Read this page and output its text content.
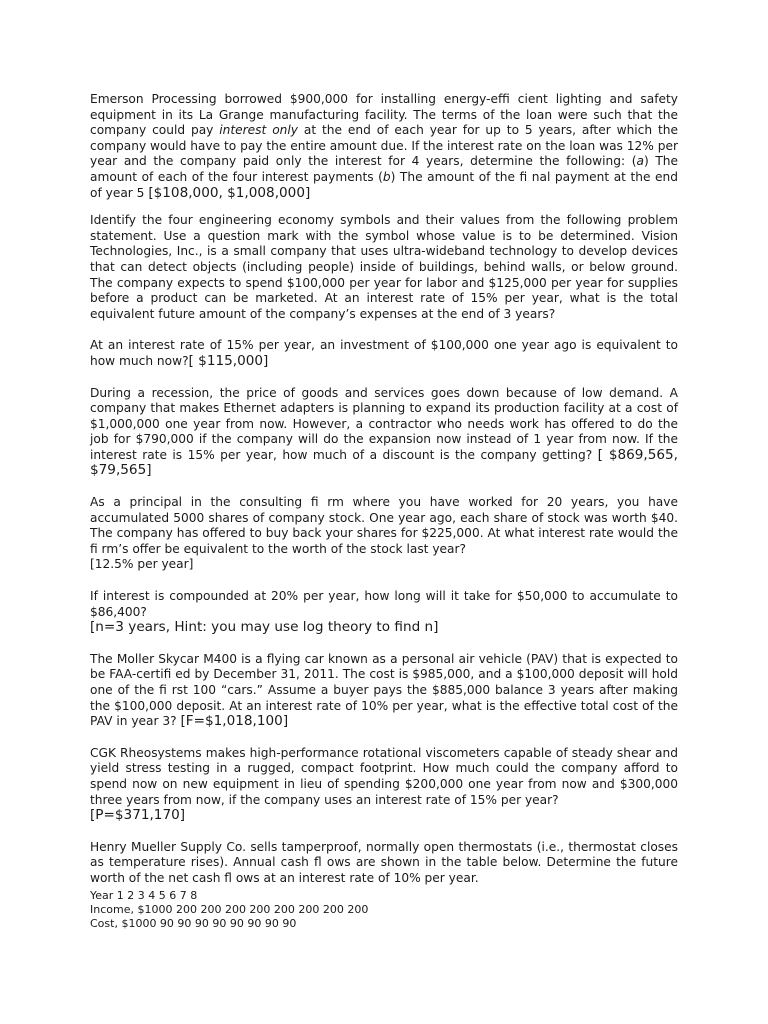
Emerson Processing borrowed $900,000 for installing energy-effi cient lighting and safety equipment in its La Grange manufacturing facility. The terms of the loan were such that the company could pay interest only at the end of each year for up to 5 years, after which the company would have to pay the entire amount due. If the interest rate on the loan was 12% per year and the company paid only the interest for 4 years, determine the following: (a) The amount of each of the four interest payments (b) The amount of the fi nal payment at the end of year 5 [$108,000, $1,008,000]

Identify the four engineering economy symbols and their values from the following problem statement. Use a question mark with the symbol whose value is to be determined. Vision Technologies, Inc., is a small company that uses ultra-wideband technology to develop devices that can detect objects (including people) inside of buildings, behind walls, or below ground. The company expects to spend $100,000 per year for labor and $125,000 per year for supplies before a product can be marketed. At an interest rate of 15% per year, what is the total equivalent future amount of the company’s expenses at the end of 3 years?

At an interest rate of 15% per year, an investment of $100,000 one year ago is equivalent to how much now?[ $115,000]

During a recession, the price of goods and services goes down because of low demand. A company that makes Ethernet adapters is planning to expand its production facility at a cost of $1,000,000 one year from now. However, a contractor who needs work has offered to do the job for $790,000 if the company will do the expansion now instead of 1 year from now. If the interest rate is 15% per year, how much of a discount is the company getting? [ $869,565, $79,565]

As a principal in the consulting fi rm where you have worked for 20 years, you have accumulated 5000 shares of company stock. One year ago, each share of stock was worth $40. The company has offered to buy back your shares for $225,000. At what interest rate would the fi rm’s offer be equivalent to the worth of the stock last year?
[12.5% per year]

If interest is compounded at 20% per year, how long will it take for $50,000 to accumulate to $86,400?
[n=3 years, Hint: you may use log theory to find n]

The Moller Skycar M400 is a flying car known as a personal air vehicle (PAV) that is expected to be FAA-certifi ed by December 31, 2011. The cost is $985,000, and a $100,000 deposit will hold one of the fi rst 100 “cars.” Assume a buyer pays the $885,000 balance 3 years after making the $100,000 deposit. At an interest rate of 10% per year, what is the effective total cost of the PAV in year 3? [F=$1,018,100]

CGK Rheosystems makes high-performance rotational viscometers capable of steady shear and yield stress testing in a rugged, compact footprint. How much could the company afford to spend now on new equipment in lieu of spending $200,000 one year from now and $300,000 three years from now, if the company uses an interest rate of 15% per year?
[P=$371,170]

Henry Mueller Supply Co. sells tamperproof, normally open thermostats (i.e., thermostat closes as temperature rises). Annual cash fl ows are shown in the table below. Determine the future worth of the net cash fl ows at an interest rate of 10% per year.

Year 1 2 3 4 5 6 7 8

Income, $1000 200 200 200 200 200 200 200 200

Cost, $1000 90 90 90 90 90 90 90 90
